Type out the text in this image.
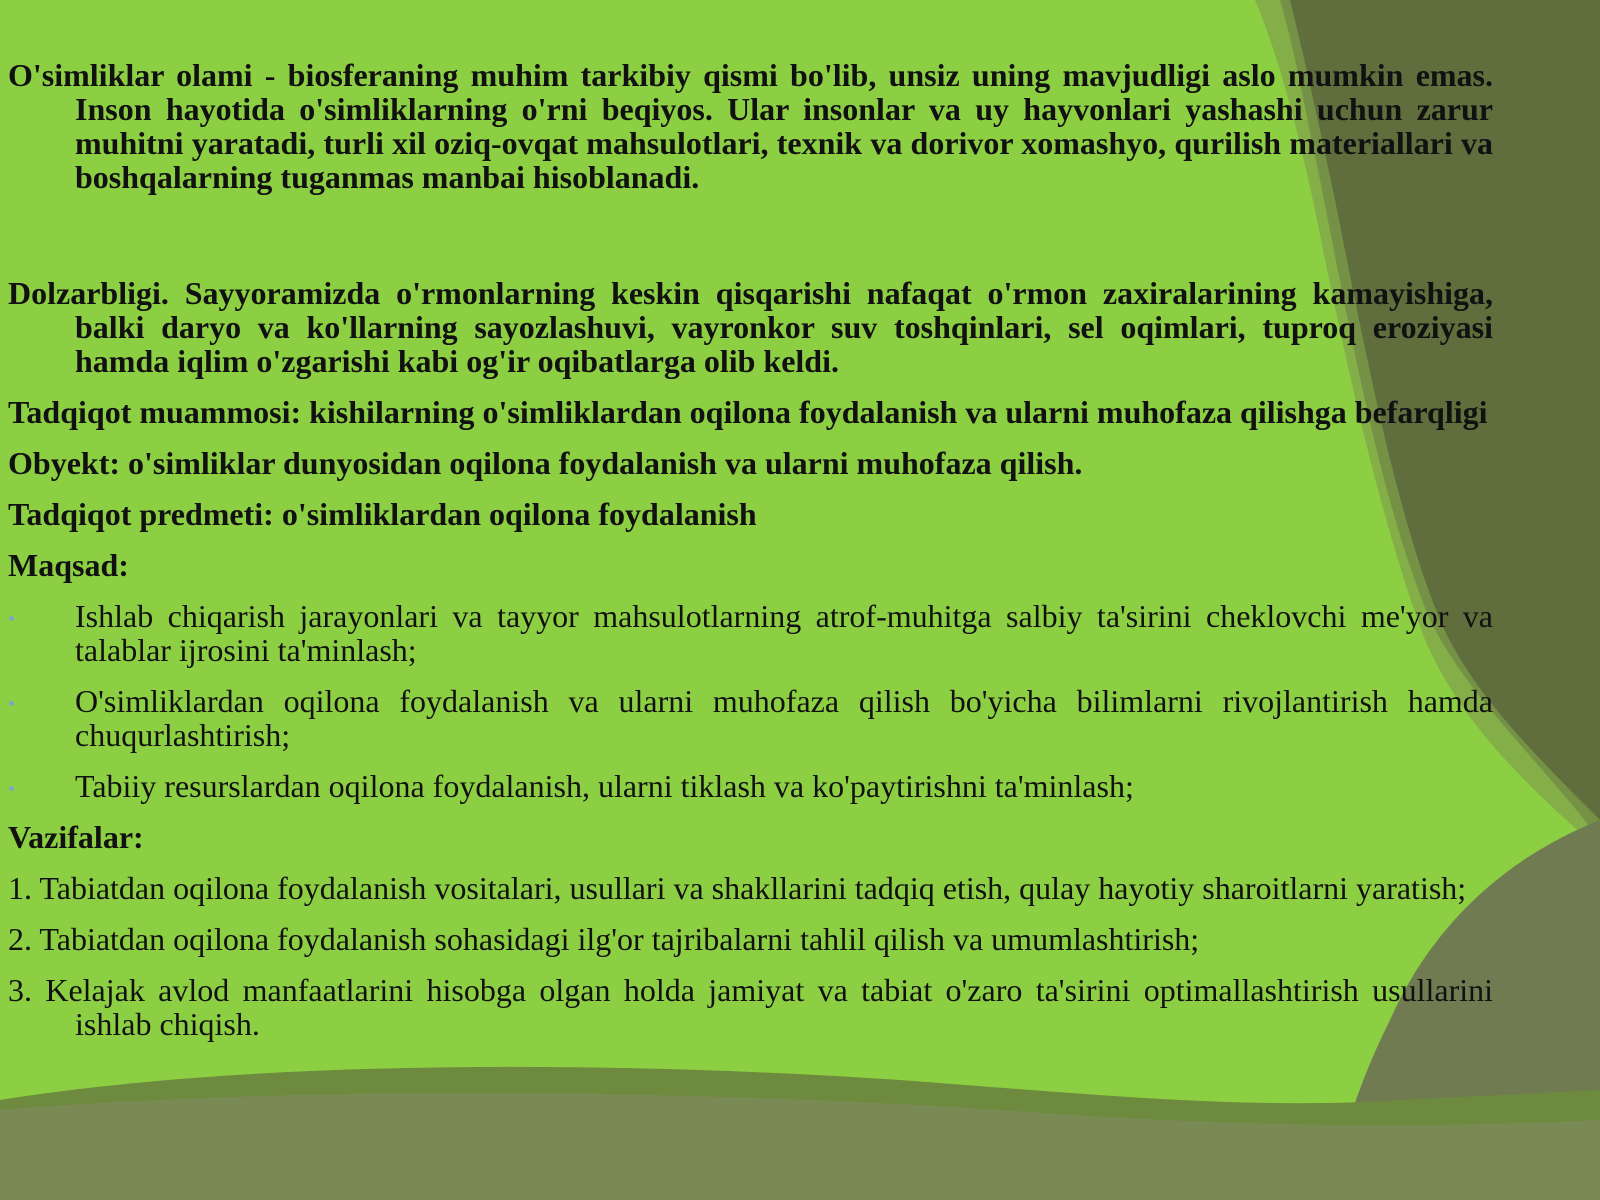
O'simliklar olami - biosferaning muhim tarkibiy qismi bo'lib, unsiz uning mavjudligi aslo mumkin emas. Inson hayotida o'simliklarning o'rni beqiyos. Ular insonlar va uy hayvonlari yashashi uchun zarur muhitni yaratadi, turli xil oziq-ovqat mahsulotlari, texnik va dorivor xomashyo, qurilish materiallari va boshqalarning tuganmas manbai hisoblanadi.

Dolzarbligi. Sayyoramizda o'rmonlarning keskin qisqarishi nafaqat o'rmon zaxiralarining kamayishiga, balki daryo va ko'llarning sayozlashuvi, vayronkor suv toshqinlari, sel oqimlari, tuproq eroziyasi hamda iqlim o'zgarishi kabi og'ir oqibatlarga olib keldi.

Tadqiqot muammosi: kishilarning o'simliklardan oqilona foydalanish va ularni muhofaza qilishga befarqligi

Obyekt: o'simliklar dunyosidan oqilona foydalanish va ularni muhofaza qilish.

Tadqiqot predmeti: o'simliklardan oqilona foydalanish

Maqsad:

Ishlab chiqarish jarayonlari va tayyor mahsulotlarning atrof-muhitga salbiy ta'sirini cheklovchi me'yor va talablar ijrosini ta'minlash;
O'simliklardan oqilona foydalanish va ularni muhofaza qilish bo'yicha bilimlarni rivojlantirish hamda chuqurlashtirish;
Tabiiy resurslardan oqilona foydalanish, ularni tiklash va ko'paytirishni ta'minlash;

Vazifalar:

1. Tabiatdan oqilona foydalanish vositalari, usullari va shakllarini tadqiq etish, qulay hayotiy sharoitlarni yaratish;

2. Tabiatdan oqilona foydalanish sohasidagi ilg'or tajribalarni tahlil qilish va umumlashtirish;

3. Kelajak avlod manfaatlarini hisobga olgan holda jamiyat va tabiat o'zaro ta'sirini optimallashtirish usullarini ishlab chiqish.
